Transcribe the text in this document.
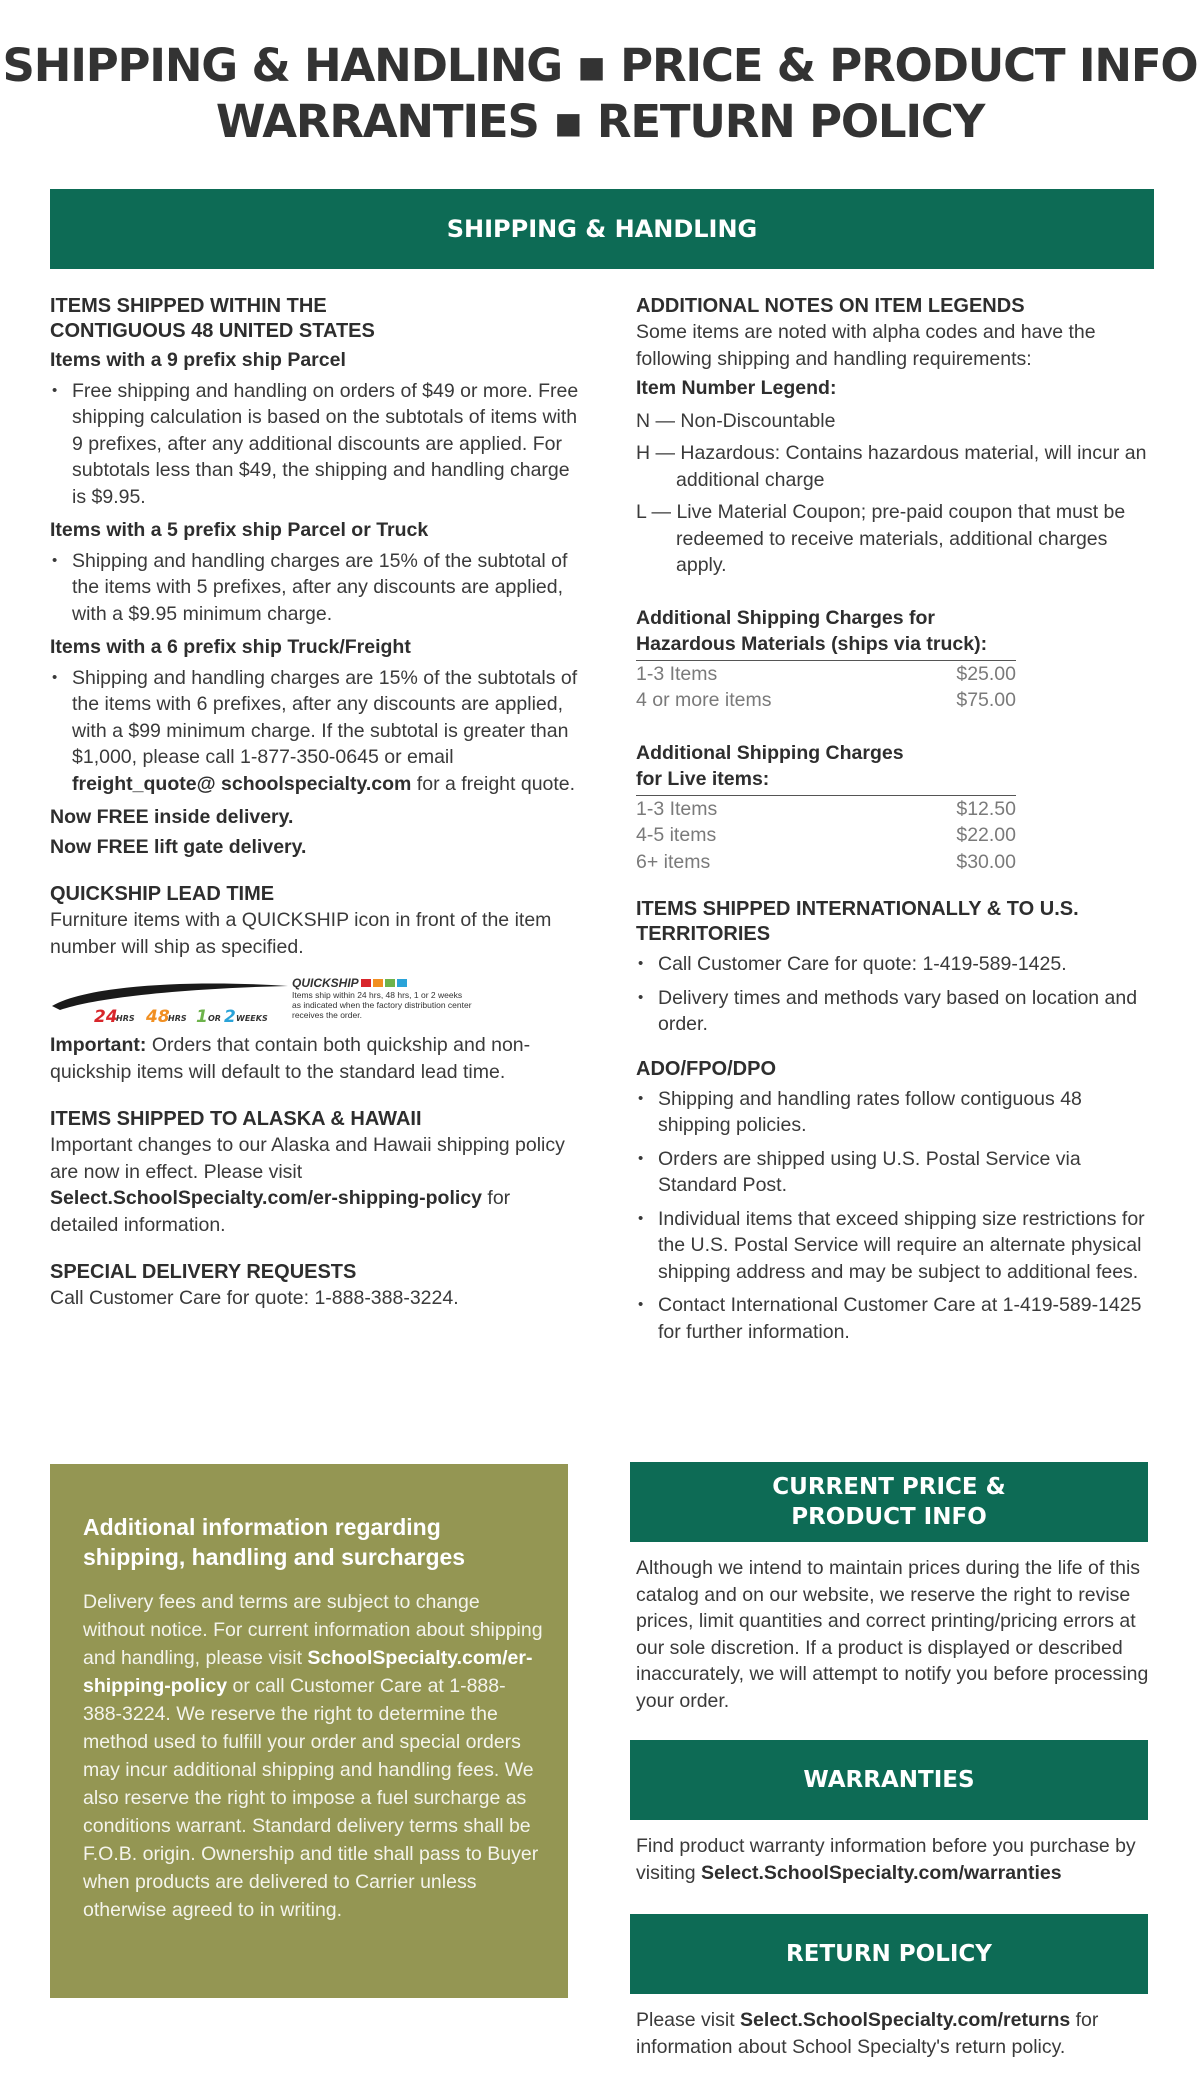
SHIPPING & HANDLING ▪ PRICE & PRODUCT INFO
WARRANTIES ▪ RETURN POLICY
SHIPPING & HANDLING
ITEMS SHIPPED WITHIN THE
CONTIGUOUS 48 UNITED STATES
Items with a 9 prefix ship Parcel
• Free shipping and handling on orders of $49 or more. Free shipping calculation is based on the subtotals of items with 9 prefixes, after any additional discounts are applied. For subtotals less than $49, the shipping and handling charge is $9.95.
Items with a 5 prefix ship Parcel or Truck
• Shipping and handling charges are 15% of the subtotal of the items with 5 prefixes, after any discounts are applied, with a $9.95 minimum charge.
Items with a 6 prefix ship Truck/Freight
• Shipping and handling charges are 15% of the subtotals of the items with 6 prefixes, after any discounts are applied, with a $99 minimum charge. If the subtotal is greater than $1,000, please call 1-877-350-0645 or email freight_quote@ schoolspecialty.com for a freight quote.
Now FREE inside delivery.
Now FREE lift gate delivery.
QUICKSHIP LEAD TIME

Furniture items with a QUICKSHIP icon in front of the item number will ship as specified.

24
HRS 48
HRS 1 OR 2 WEEKS
QUICKSHIP
Items ship within 24 hrs, 48 hrs, 1 or 2 weeks as indicated when the factory distribution center receives the order.

Important: Orders that contain both quickship and non-quickship items will default to the standard lead time.

ITEMS SHIPPED TO ALASKA & HAWAII

Important changes to our Alaska and Hawaii shipping policy are now in effect. Please visit Select.SchoolSpecialty.com/er-shipping-policy for detailed information.

SPECIAL DELIVERY REQUESTS

Call Customer Care for quote: 1-888-388-3224.

ADDITIONAL NOTES ON ITEM LEGENDS

Some items are noted with alpha codes and have the following shipping and handling requirements:

Item Number Legend:
N — Non-Discountable
H — Hazardous: Contains hazardous material, will incur an additional charge
L — Live Material Coupon; pre-paid coupon that must be redeemed to receive materials, additional charges apply.
Additional Shipping Charges for
Hazardous Materials (ships via truck):
1-3 Items	$25.00
4 or more items	$75.00
Additional Shipping Charges
for Live items:
1-3 Items	$12.50
4-5 items	$22.00
6+ items	$30.00
ITEMS SHIPPED INTERNATIONALLY & TO U.S. TERRITORIES
• Call Customer Care for quote: 1-419-589-1425.
• Delivery times and methods vary based on location and order.
ADO/FPO/DPO
• Shipping and handling rates follow contiguous 48 shipping policies.
• Orders are shipped using U.S. Postal Service via Standard Post.
• Individual items that exceed shipping size restrictions for the U.S. Postal Service will require an alternate physical shipping address and may be subject to additional fees.
• Contact International Customer Care at 1-419-589-1425 for further information.
Additional information regarding shipping, handling and surcharges

Delivery fees and terms are subject to change without notice. For current information about shipping and handling, please visit SchoolSpecialty.com/er-shipping-policy or call Customer Care at 1-888-388-3224. We reserve the right to determine the method used to fulfill your order and special orders may incur additional shipping and handling fees. We also reserve the right to impose a fuel surcharge as conditions warrant. Standard delivery terms shall be F.O.B. origin. Ownership and title shall pass to Buyer when products are delivered to Carrier unless otherwise agreed to in writing.

CURRENT PRICE &
PRODUCT INFO
Although we intend to maintain prices during the life of this catalog and on our website, we reserve the right to revise prices, limit quantities and correct printing/pricing errors at our sole discretion. If a product is displayed or described inaccurately, we will attempt to notify you before processing your order.
WARRANTIES
Find product warranty information before you purchase by visiting Select.SchoolSpecialty.com/warranties
RETURN POLICY
Please visit Select.SchoolSpecialty.com/returns for information about School Specialty's return policy.
